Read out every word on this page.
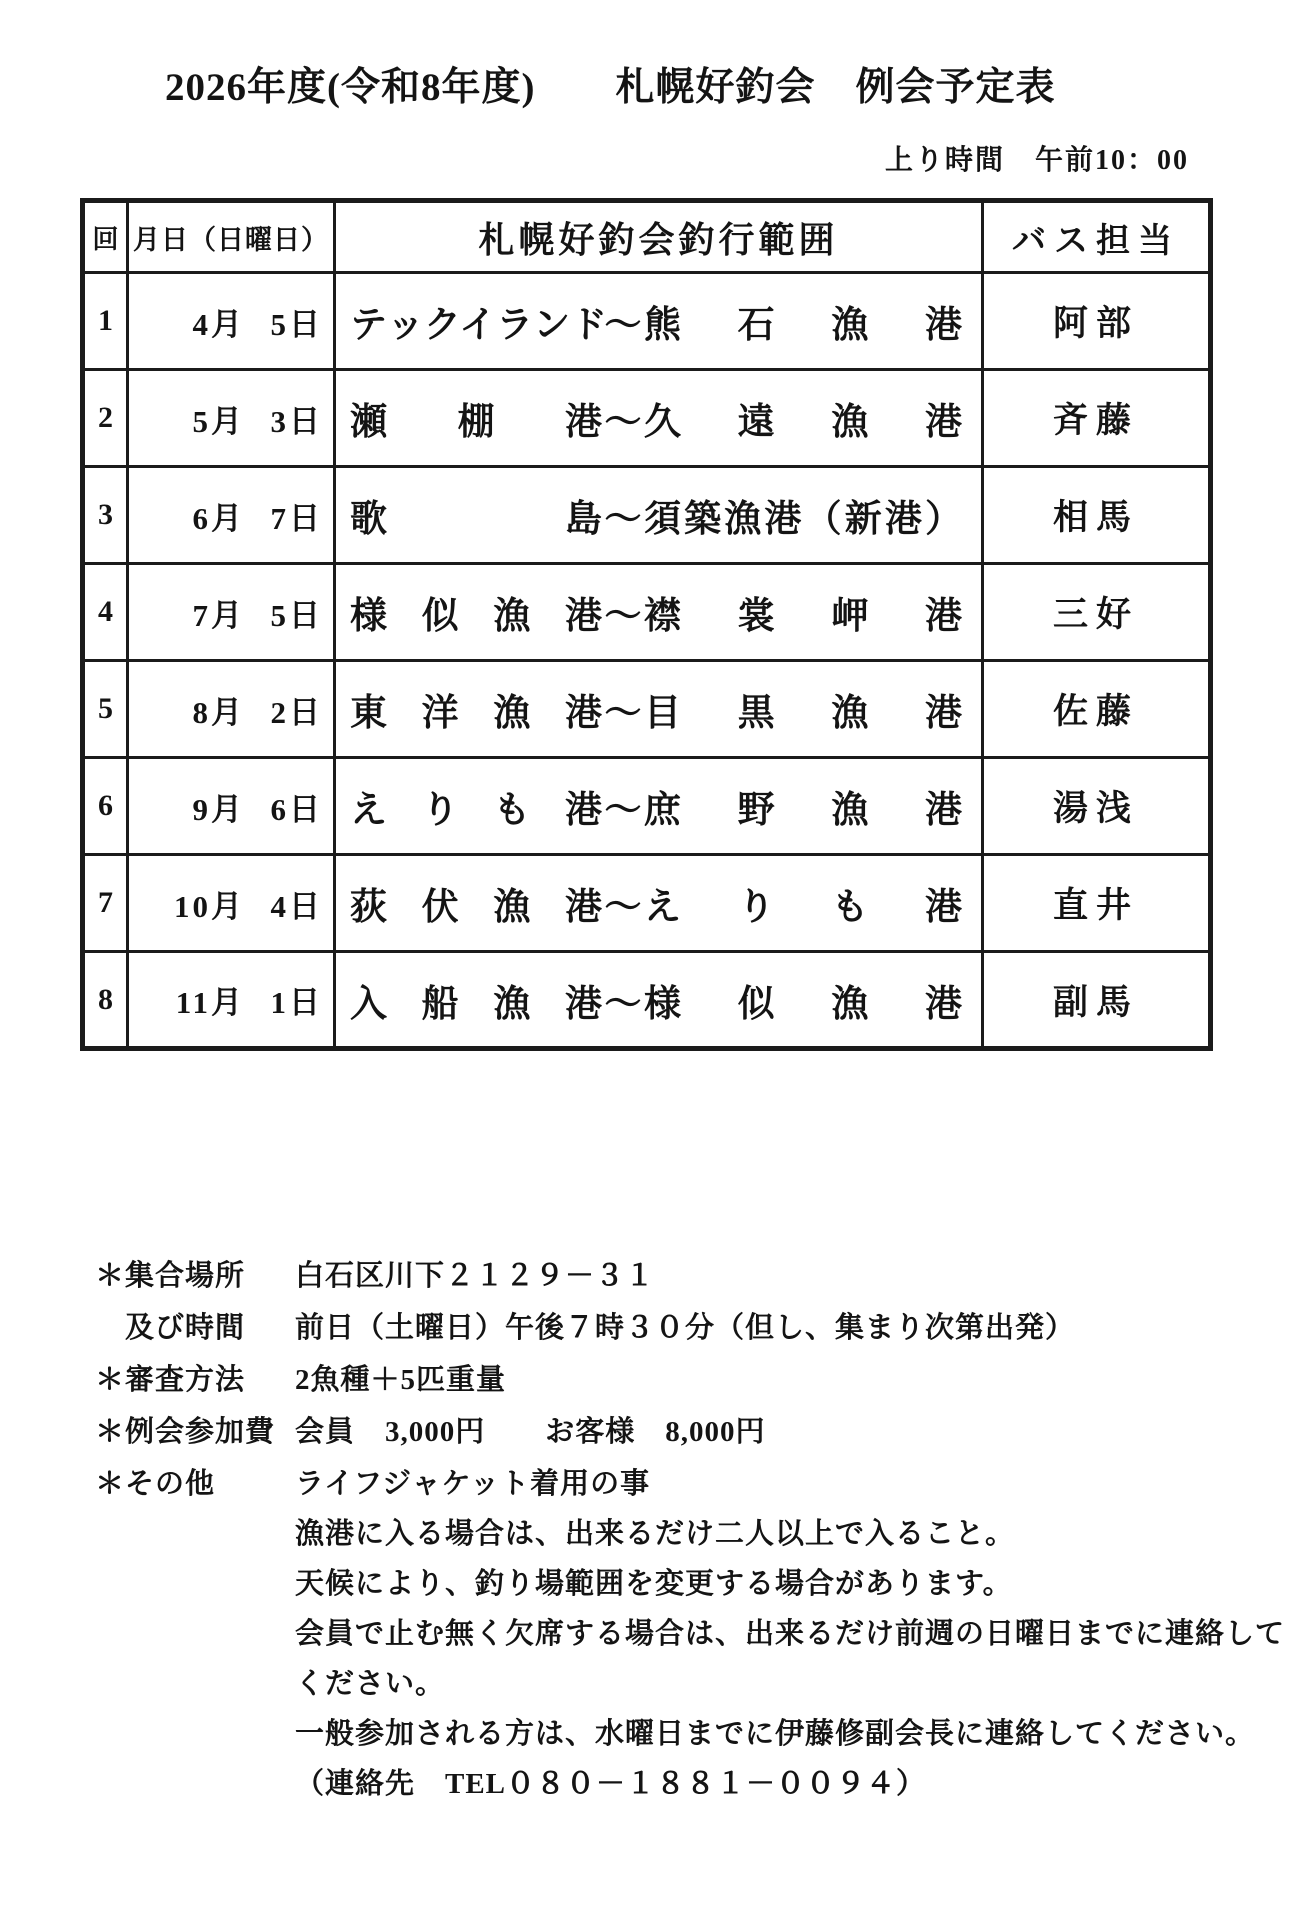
2026年度(令和8年度)　　札幌好釣会　例会予定表
上り時間　午前10：00
回	月日（日曜日）	札幌好釣会釣行範囲	バス担当
1	4月 5日	テックイランド～熊石漁港	阿部
2	5月 3日	瀬棚港～久遠漁港	斉藤
3	6月 7日	歌島～須築漁港（新港）	相馬
4	7月 5日	様似漁港～襟裳岬港	三好
5	8月 2日	東洋漁港～目黒漁港	佐藤
6	9月 6日	えりも港～庶野漁港	湯浅
7	10月 4日	荻伏漁港～えりも港	直井
8	11月 1日	入船漁港～様似漁港	副馬
＊集合場所	白石区川下２１２９－３１
　及び時間	前日（土曜日）午後７時３０分（但し、集まり次第出発）
＊審査方法	2魚種＋5匹重量
＊例会参加費 会員　3,000円　　お客様　8,000円
＊その他	ライフジャケット着用の事
漁港に入る場合は、出来るだけ二人以上で入ること。
天候により、釣り場範囲を変更する場合があります。
会員で止む無く欠席する場合は、出来るだけ前週の日曜日までに連絡して
ください。
一般参加される方は、水曜日までに伊藤修副会長に連絡してください。
（連絡先　TEL０８０－１８８１－００９４）
